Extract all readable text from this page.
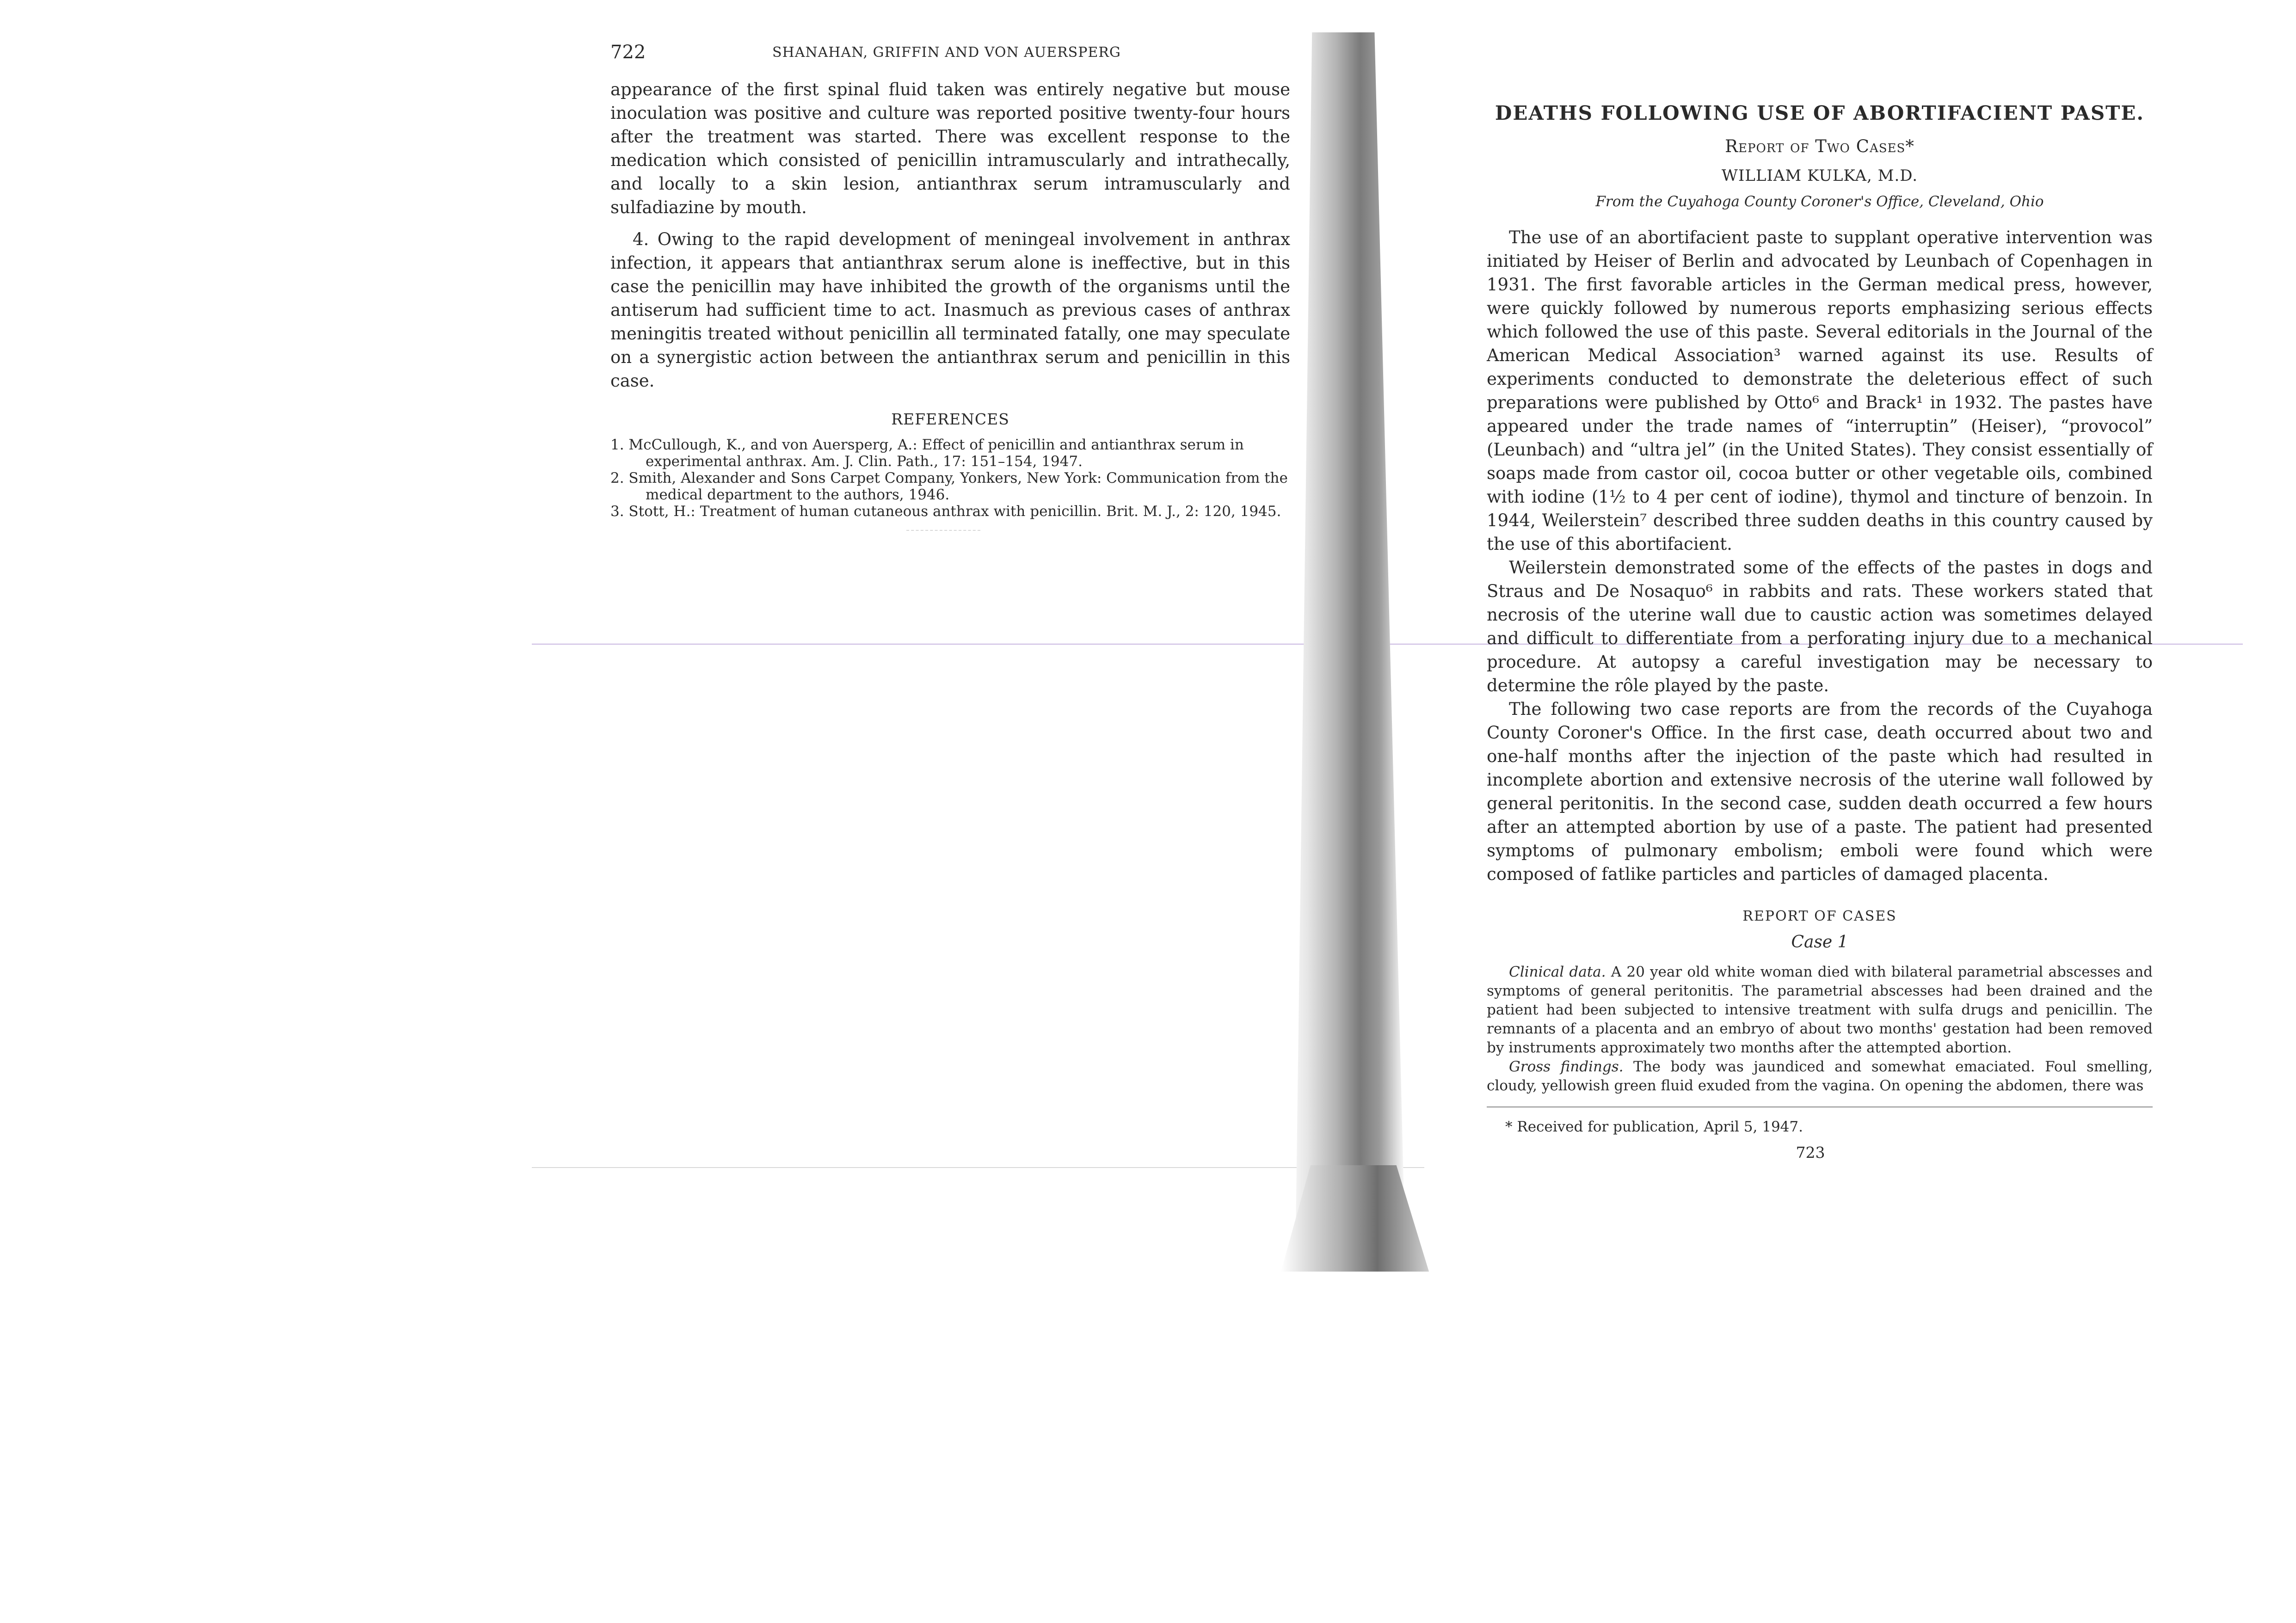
722	SHANAHAN, GRIFFIN AND VON AUERSPERG

appearance of the first spinal fluid taken was entirely negative but mouse inoculation was positive and culture was reported positive twenty-four hours after the treatment was started. There was excellent response to the medication which consisted of penicillin intramuscularly and intrathecally, and locally to a skin lesion, antianthrax serum intramuscularly and sulfadiazine by mouth.

4. Owing to the rapid development of meningeal involvement in anthrax infection, it appears that antianthrax serum alone is ineffective, but in this case the penicillin may have inhibited the growth of the organisms until the antiserum had sufficient time to act. Inasmuch as previous cases of anthrax meningitis treated without penicillin all terminated fatally, one may speculate on a synergistic action between the antianthrax serum and penicillin in this case.

REFERENCES

1. McCullough, K., and von Auersperg, A.: Effect of penicillin and antianthrax serum in experimental anthrax. Am. J. Clin. Path., 17: 151–154, 1947.

2. Smith, Alexander and Sons Carpet Company, Yonkers, New York: Communication from the medical department to the authors, 1946.

3. Stott, H.: Treatment of human cutaneous anthrax with penicillin. Brit. M. J., 2: 120, 1945.

DEATHS FOLLOWING USE OF ABORTIFACIENT PASTE.
Report of Two Cases*
WILLIAM KULKA, M.D.
From the Cuyahoga County Coroner's Office, Cleveland, Ohio

The use of an abortifacient paste to supplant operative intervention was initiated by Heiser of Berlin and advocated by Leunbach of Copenhagen in 1931. The first favorable articles in the German medical press, however, were quickly followed by numerous reports emphasizing serious effects which followed the use of this paste. Several editorials in the Journal of the American Medical Association³ warned against its use. Results of experiments conducted to demonstrate the deleterious effect of such preparations were published by Otto⁶ and Brack¹ in 1932. The pastes have appeared under the trade names of “interruptin” (Heiser), “provocol” (Leunbach) and “ultra jel” (in the United States). They consist essentially of soaps made from castor oil, cocoa butter or other vegetable oils, combined with iodine (1½ to 4 per cent of iodine), thymol and tincture of benzoin. In 1944, Weilerstein⁷ described three sudden deaths in this country caused by the use of this abortifacient.

Weilerstein demonstrated some of the effects of the pastes in dogs and Straus and De Nosaquo⁶ in rabbits and rats. These workers stated that necrosis of the uterine wall due to caustic action was sometimes delayed and difficult to differentiate from a perforating injury due to a mechanical procedure. At autopsy a careful investigation may be necessary to determine the rôle played by the paste.

The following two case reports are from the records of the Cuyahoga County Coroner's Office. In the first case, death occurred about two and one-half months after the injection of the paste which had resulted in incomplete abortion and extensive necrosis of the uterine wall followed by general peritonitis. In the second case, sudden death occurred a few hours after an attempted abortion by use of a paste. The patient had presented symptoms of pulmonary embolism; emboli were found which were composed of fatlike particles and particles of damaged placenta.

REPORT OF CASES
Case 1

Clinical data. A 20 year old white woman died with bilateral parametrial abscesses and symptoms of general peritonitis. The parametrial abscesses had been drained and the patient had been subjected to intensive treatment with sulfa drugs and penicillin. The remnants of a placenta and an embryo of about two months' gestation had been removed by instruments approximately two months after the attempted abortion.

Gross findings. The body was jaundiced and somewhat emaciated. Foul smelling, cloudy, yellowish green fluid exuded from the vagina. On opening the abdomen, there was

* Received for publication, April 5, 1947.

723
